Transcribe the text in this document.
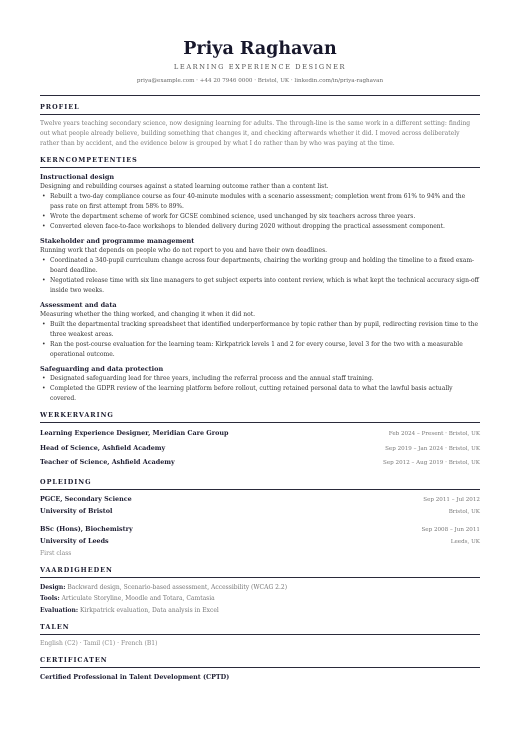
Priya Raghavan
LEARNING EXPERIENCE DESIGNER
priya@example.com · +44 20 7946 0000 · Bristol, UK · linkedin.com/in/priya-raghavan
PROFIEL
Twelve years teaching secondary science, now designing learning for adults. The through-line is the same work in a different setting: finding out what people already believe, building something that changes it, and checking afterwards whether it did. I moved across deliberately rather than by accident, and the evidence below is grouped by what I do rather than by who was paying at the time.
KERNCOMPETENTIES
Instructional design
Designing and rebuilding courses against a stated learning outcome rather than a content list.
• Rebuilt a two-day compliance course as four 40-minute modules with a scenario assessment; completion went from 61% to 94% and the pass rate on first attempt from 58% to 89%.
• Wrote the department scheme of work for GCSE combined science, used unchanged by six teachers across three years.
• Converted eleven face-to-face workshops to blended delivery during 2020 without dropping the practical assessment component.
Stakeholder and programme management
Running work that depends on people who do not report to you and have their own deadlines.
• Coordinated a 340-pupil curriculum change across four departments, chairing the working group and holding the timeline to a fixed exam-board deadline.
• Negotiated release time with six line managers to get subject experts into content review, which is what kept the technical accuracy sign-off inside two weeks.
Assessment and data
Measuring whether the thing worked, and changing it when it did not.
• Built the departmental tracking spreadsheet that identified underperformance by topic rather than by pupil, redirecting revision time to the three weakest areas.
• Ran the post-course evaluation for the learning team: Kirkpatrick levels 1 and 2 for every course, level 3 for the two with a measurable operational outcome.
Safeguarding and data protection
• Designated safeguarding lead for three years, including the referral process and the annual staff training.
• Completed the GDPR review of the learning platform before rollout, cutting retained personal data to what the lawful basis actually covered.
WERKERVARING
Learning Experience Designer, Meridian Care Group	Feb 2024 – Present · Bristol, UK
Head of Science, Ashfield Academy	Sep 2019 – Jan 2024 · Bristol, UK
Teacher of Science, Ashfield Academy	Sep 2012 – Aug 2019 · Bristol, UK
OPLEIDING
PGCE, Secondary Science	Sep 2011 – Jul 2012
University of Bristol	Bristol, UK
BSc (Hons), Biochemistry	Sep 2008 – Jun 2011
University of Leeds	Leeds, UK
First class
VAARDIGHEDEN
Design: Backward design, Scenario-based assessment, Accessibility (WCAG 2.2)
Tools: Articulate Storyline, Moodle and Totara, Camtasia
Evaluation: Kirkpatrick evaluation, Data analysis in Excel
TALEN
English (C2) · Tamil (C1) · French (B1)
CERTIFICATEN
Certified Professional in Talent Development (CPTD)
